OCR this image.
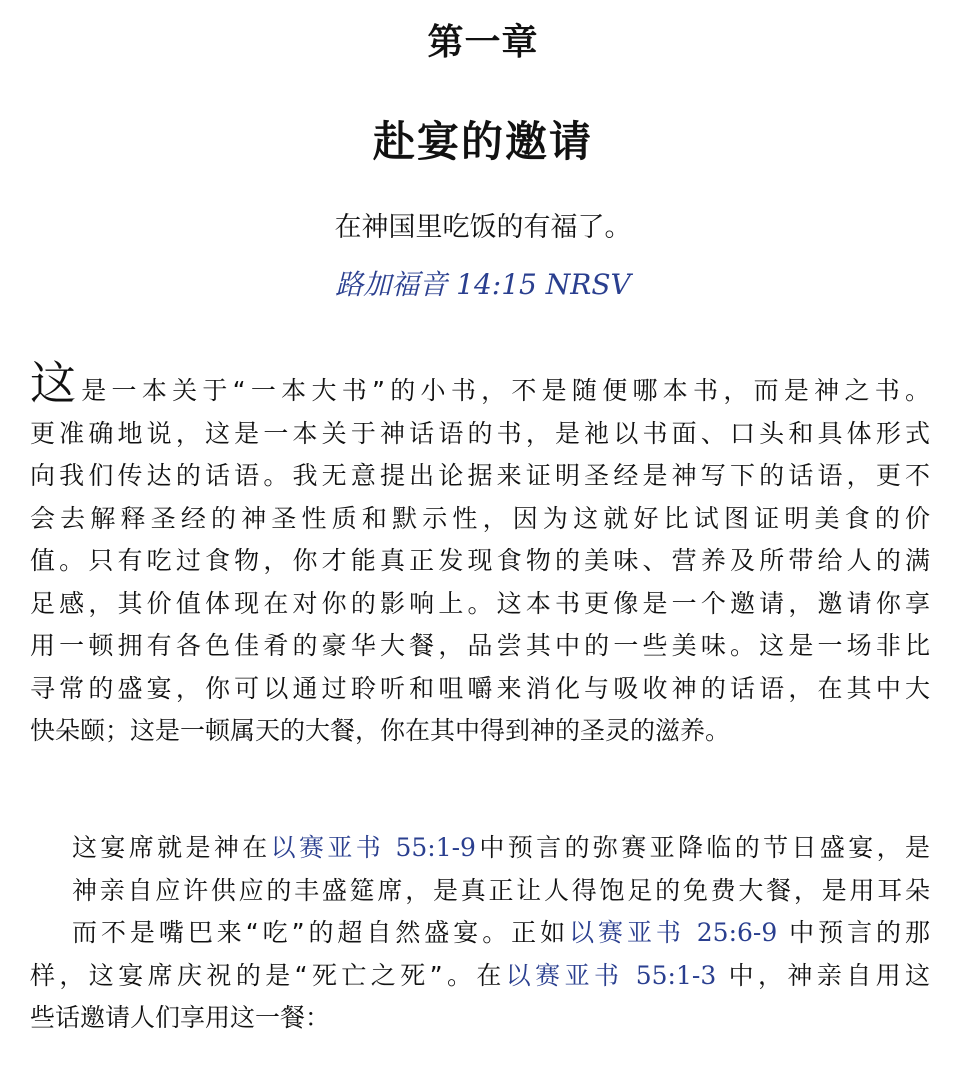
第一章
赴宴的邀请
在神国里吃饭的有福了。
路加福音 14:15 NRSV
这是一本关于“一本大书”的小书，不是随便哪本书，而是神之书。
更准确地说，这是一本关于神话语的书，是祂以书面、口头和具体形式
向我们传达的话语。我无意提出论据来证明圣经是神写下的话语，更不
会去解释圣经的神圣性质和默示性，因为这就好比试图证明美食的价
值。只有吃过食物，你才能真正发现食物的美味、营养及所带给人的满
足感，其价值体现在对你的影响上。这本书更像是一个邀请，邀请你享
用一顿拥有各色佳肴的豪华大餐，品尝其中的一些美味。这是一场非比
寻常的盛宴，你可以通过聆听和咀嚼来消化与吸收神的话语，在其中大
快朵颐；这是一顿属天的大餐，你在其中得到神的圣灵的滋养。
这宴席就是神在以赛亚书 55:1-9中预言的弥赛亚降临的节日盛宴，是
神亲自应许供应的丰盛筵席，是真正让人得饱足的免费大餐，是用耳朵
而不是嘴巴来“吃”的超自然盛宴。正如以赛亚书 25:6-9 中预言的那
样，这宴席庆祝的是“死亡之死”。在以赛亚书 55:1-3 中，神亲自用这
些话邀请人们享用这一餐：
